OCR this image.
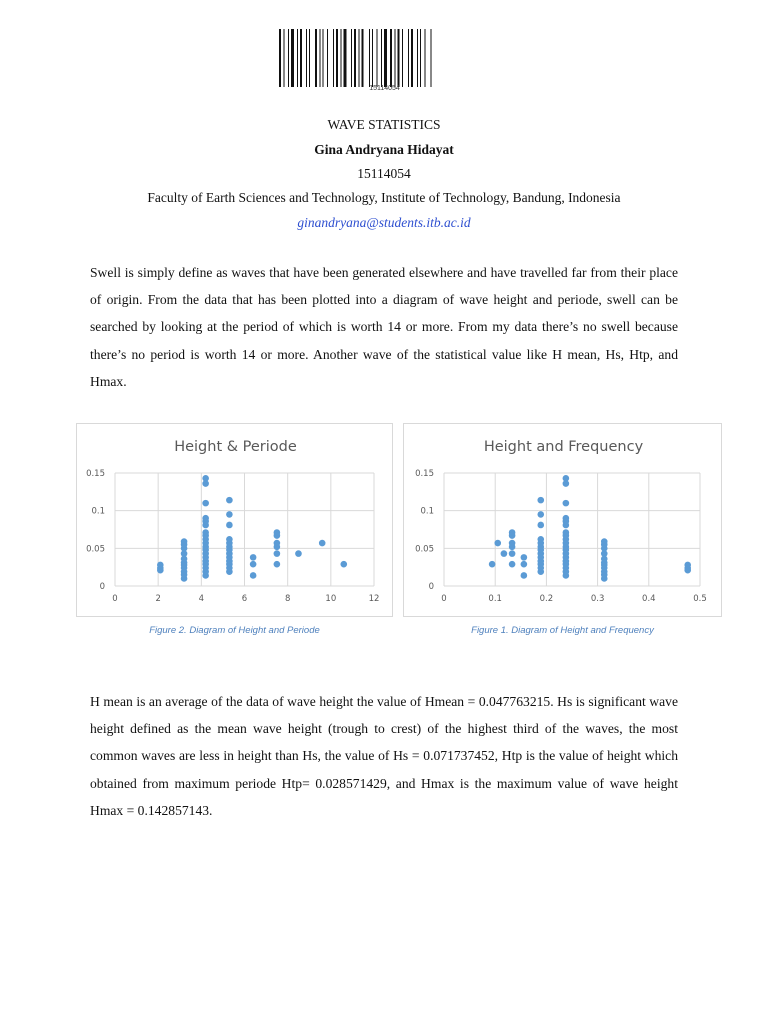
15114054
WAVE STATISTICS
Gina Andryana Hidayat
15114054
Faculty of Earth Sciences and Technology, Institute of Technology, Bandung, Indonesia
ginandryana@students.itb.ac.id

Swell is simply define as waves that have been generated elsewhere and have travelled far from their place of origin. From the data that has been plotted into a diagram of wave height and periode, swell can be searched by looking at the period of which is worth 14 or more. From my data there’s no swell because there’s no period is worth 14 or more. Another wave of the statistical value like H mean, Hs, Htp, and Hmax.

Height & Periode
0
0.05
0.1
0.15
0	2	4	6	8	10	12
Height and Frequency
0
0.05
0.1
0.15
0	0.1	0.2	0.3	0.4	0.5
Figure 2. Diagram of Height and Periode	Figure 1. Diagram of Height and Frequency

H mean is an average of the data of wave height the value of Hmean = 0.047763215. Hs is significant wave height defined as the mean wave height (trough to crest) of the highest third of the waves, the most common waves are less in height than Hs, the value of Hs = 0.071737452, Htp is the value of height which obtained from maximum periode Htp= 0.028571429, and Hmax is the maximum value of wave height Hmax = 0.142857143.
